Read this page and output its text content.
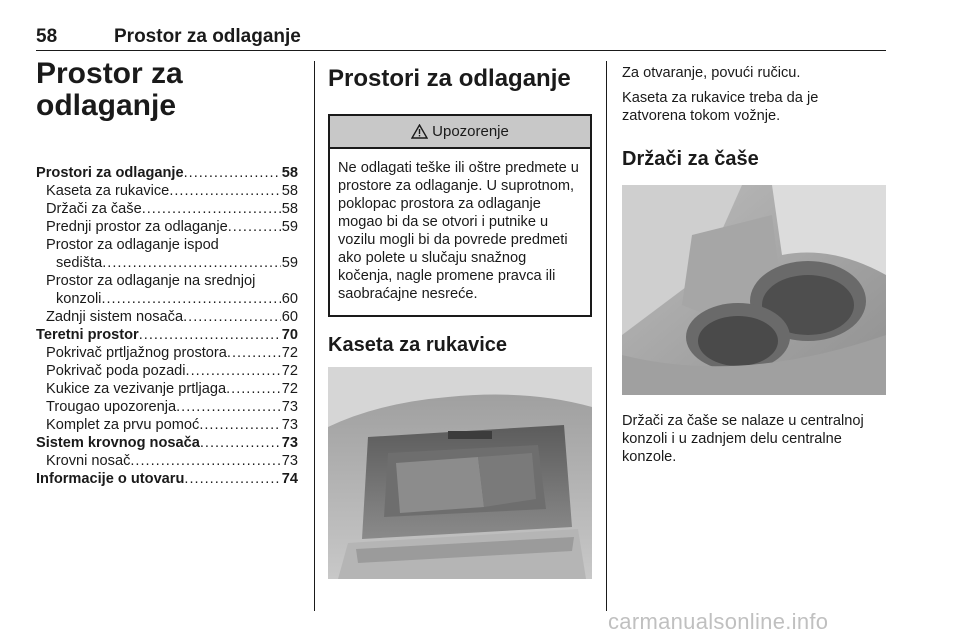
58	Prostor za odlaganje
Prostor za odlaganje
Prostori za odlaganje .....	58
Kaseta za rukavice .....	58
Držači za čaše .....	58
Prednji prostor za odlaganje .....	59
Prostor za odlaganje ispod
sedišta .....	59
Prostor za odlaganje na srednjoj
konzoli .....	60
Zadnji sistem nosača .....	60
Teretni prostor .....	70
Pokrivač prtljažnog prostora .....	72
Pokrivač poda pozadi .....	72
Kukice za vezivanje prtljaga .....	72
Trougao upozorenja .....	73
Komplet za prvu pomoć .....	73
Sistem krovnog nosača .....	73
Krovni nosač .....	73
Informacije o utovaru .....	74
Prostori za odlaganje
Upozorenje
Ne odlagati teške ili oštre predmete u prostore za odlaganje. U suprotnom, poklopac prostora za odlaganje mogao bi da se otvori i putnike u vozilu mogli bi da povrede predmeti ako polete u slučaju snažnog kočenja, nagle promene pravca ili saobraćajne nesreće.
Kaseta za rukavice

Za otvaranje, povući ručicu.

Kaseta za rukavice treba da je zatvorena tokom vožnje.

Držači za čaše

Držači za čaše se nalaze u centralnoj konzoli i u zadnjem delu centralne konzole.

carmanualsonline.info
